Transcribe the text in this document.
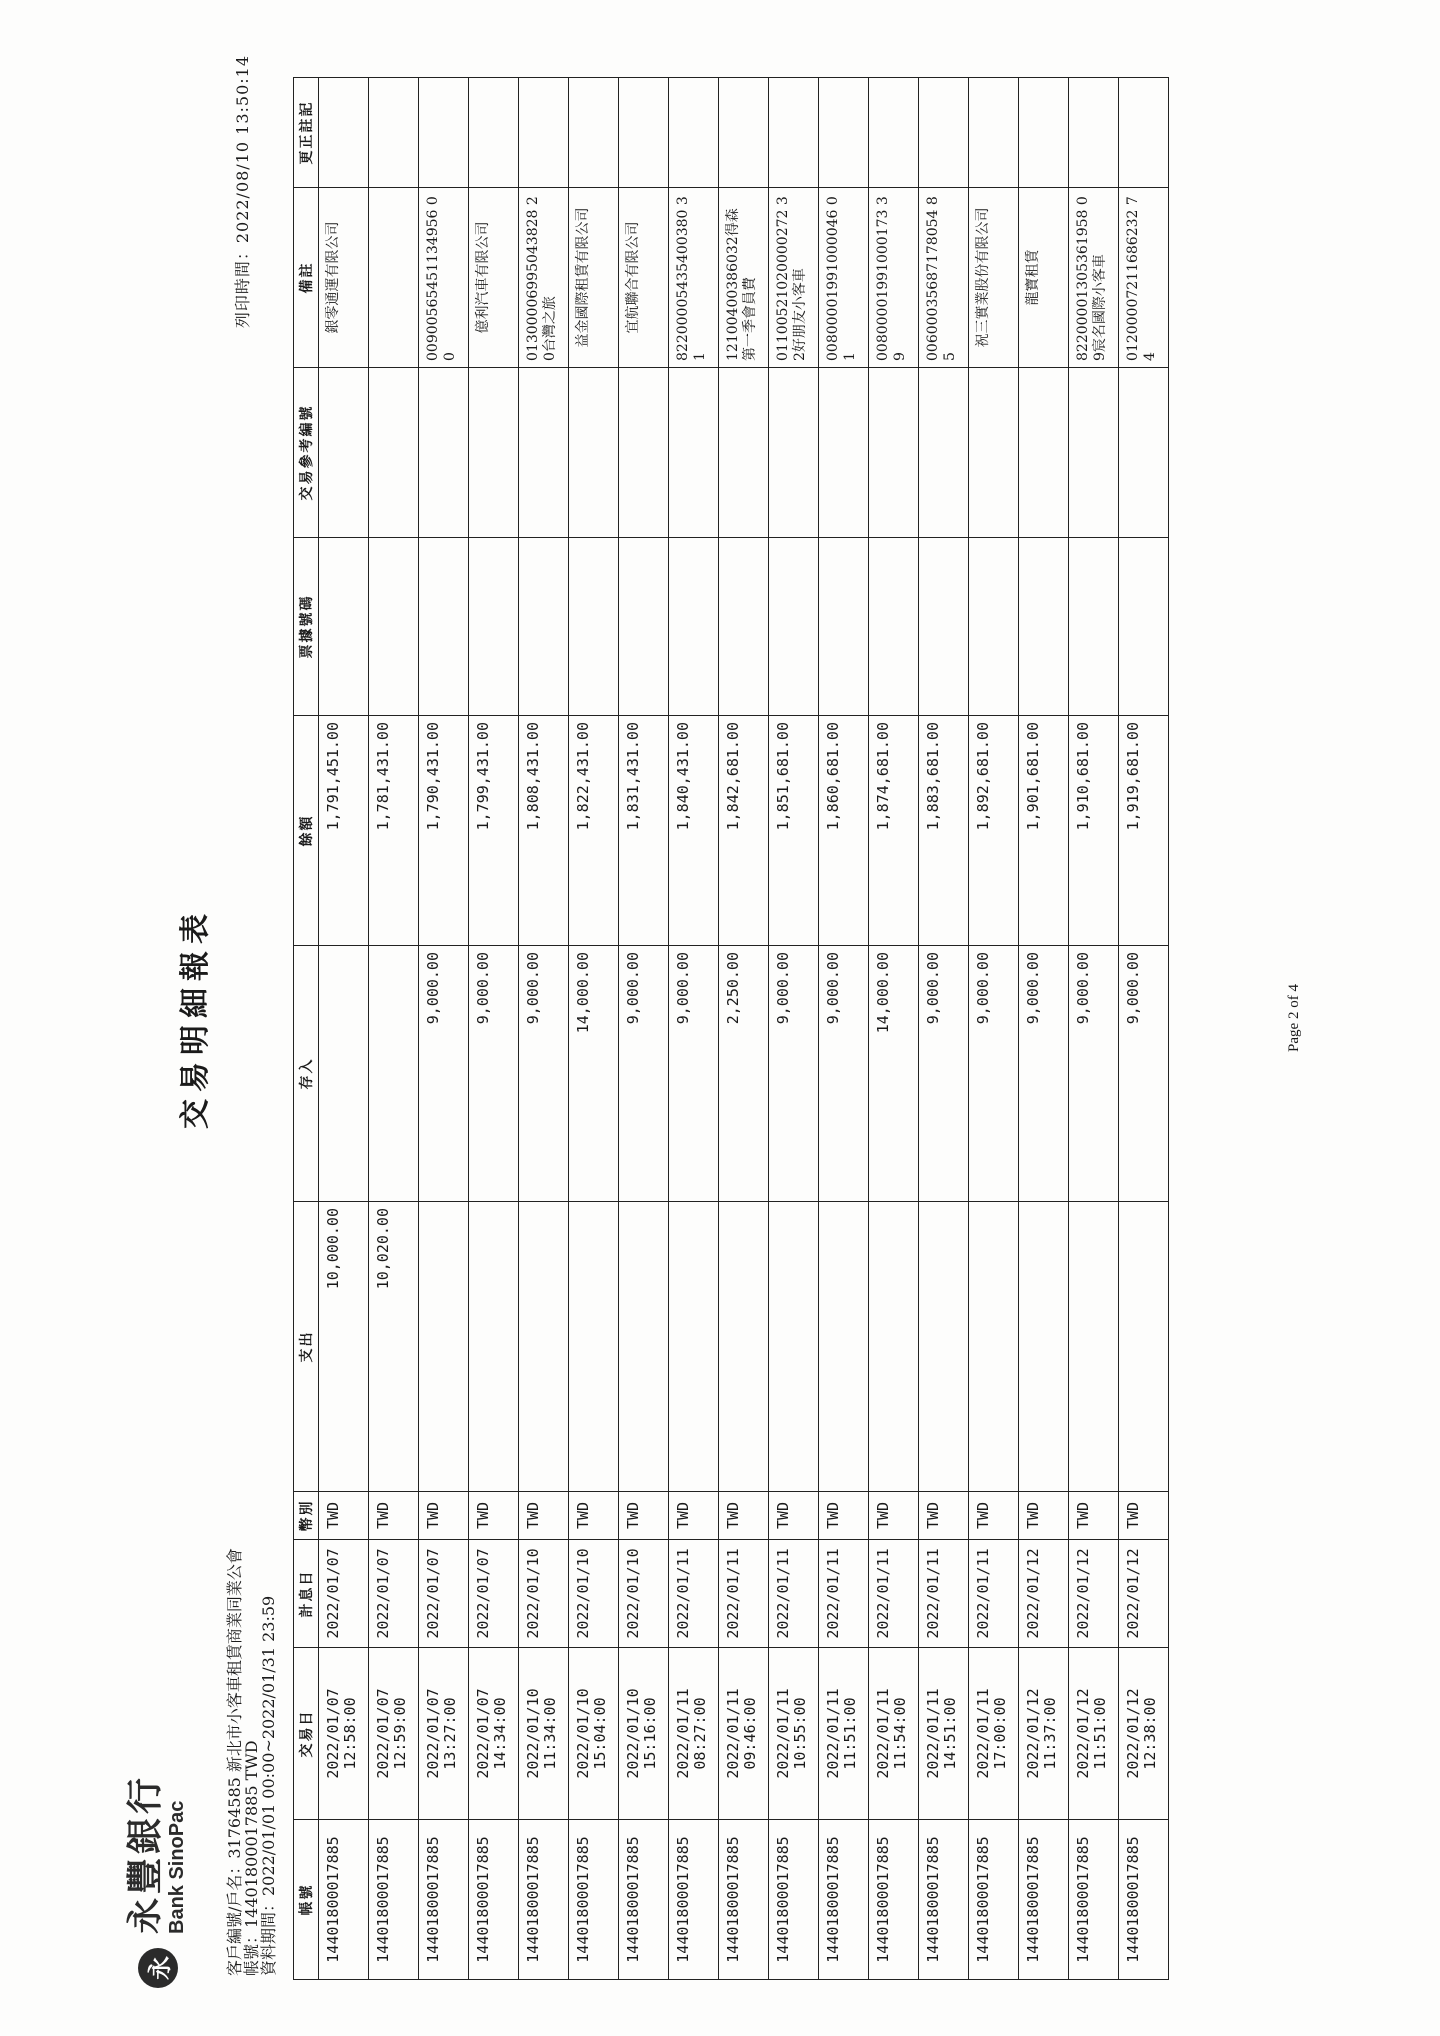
永
永豐銀行 Bank SinoPac
交易明細報表
列印時間：2022/08/10 13:50:14
客戶編號/戶名：31764585 新北市小客車租賃商業同業公會
帳號：14401800017885 TWD
資料期間：2022/01/01 00:00~2022/01/31 23:59 帳號	交易日	計息日	幣別	支出	存入	餘額	票據號碼	交易參考編號	備註	更正註記
14401800017885	2022/01/07 12:58:00	2022/01/07	TWD	10,000.00		1,791,451.00			銀零通運有限公司	
14401800017885	2022/01/07 12:59:00	2022/01/07	TWD	10,020.00		1,781,431.00				
14401800017885	2022/01/07 13:27:00	2022/01/07	TWD		9,000.00	1,790,431.00			00900565451134956 00	
14401800017885	2022/01/07 14:34:00	2022/01/07	TWD		9,000.00	1,799,431.00			億利汽車有限公司	
14401800017885	2022/01/10 11:34:00	2022/01/10	TWD		9,000.00	1,808,431.00			01300006995043828 20台灣之旅	
14401800017885	2022/01/10 15:04:00	2022/01/10	TWD		14,000.00	1,822,431.00			益金國際租賃有限公司	
14401800017885	2022/01/10 15:16:00	2022/01/10	TWD		9,000.00	1,831,431.00			宜航聯合有限公司	
14401800017885	2022/01/11 08:27:00	2022/01/11	TWD		9,000.00	1,840,431.00			82200005435400380 31	
14401800017885	2022/01/11 09:46:00	2022/01/11	TWD		2,250.00	1,842,681.00			12100400386032得森 第一季會員費	
14401800017885	2022/01/11 10:55:00	2022/01/11	TWD		9,000.00	1,851,681.00			01100521020000272 32好朋友小客車	
14401800017885	2022/01/11 11:51:00	2022/01/11	TWD		9,000.00	1,860,681.00			00800001991000046 01	
14401800017885	2022/01/11 11:54:00	2022/01/11	TWD		14,000.00	1,874,681.00			00800001991000173 39	
14401800017885	2022/01/11 14:51:00	2022/01/11	TWD		9,000.00	1,883,681.00			00600035687178054 85	
14401800017885	2022/01/11 17:00:00	2022/01/11	TWD		9,000.00	1,892,681.00			祝三實業股份有限公司	
14401800017885	2022/01/12 11:37:00	2022/01/12	TWD		9,000.00	1,901,681.00			龍寶租賃	
14401800017885	2022/01/12 11:51:00	2022/01/12	TWD		9,000.00	1,910,681.00			82200001305361958 09宸名國際小客車	
14401800017885	2022/01/12 12:38:00	2022/01/12	TWD		9,000.00	1,919,681.00			01200007211686232 74	
Page 2 of 4
